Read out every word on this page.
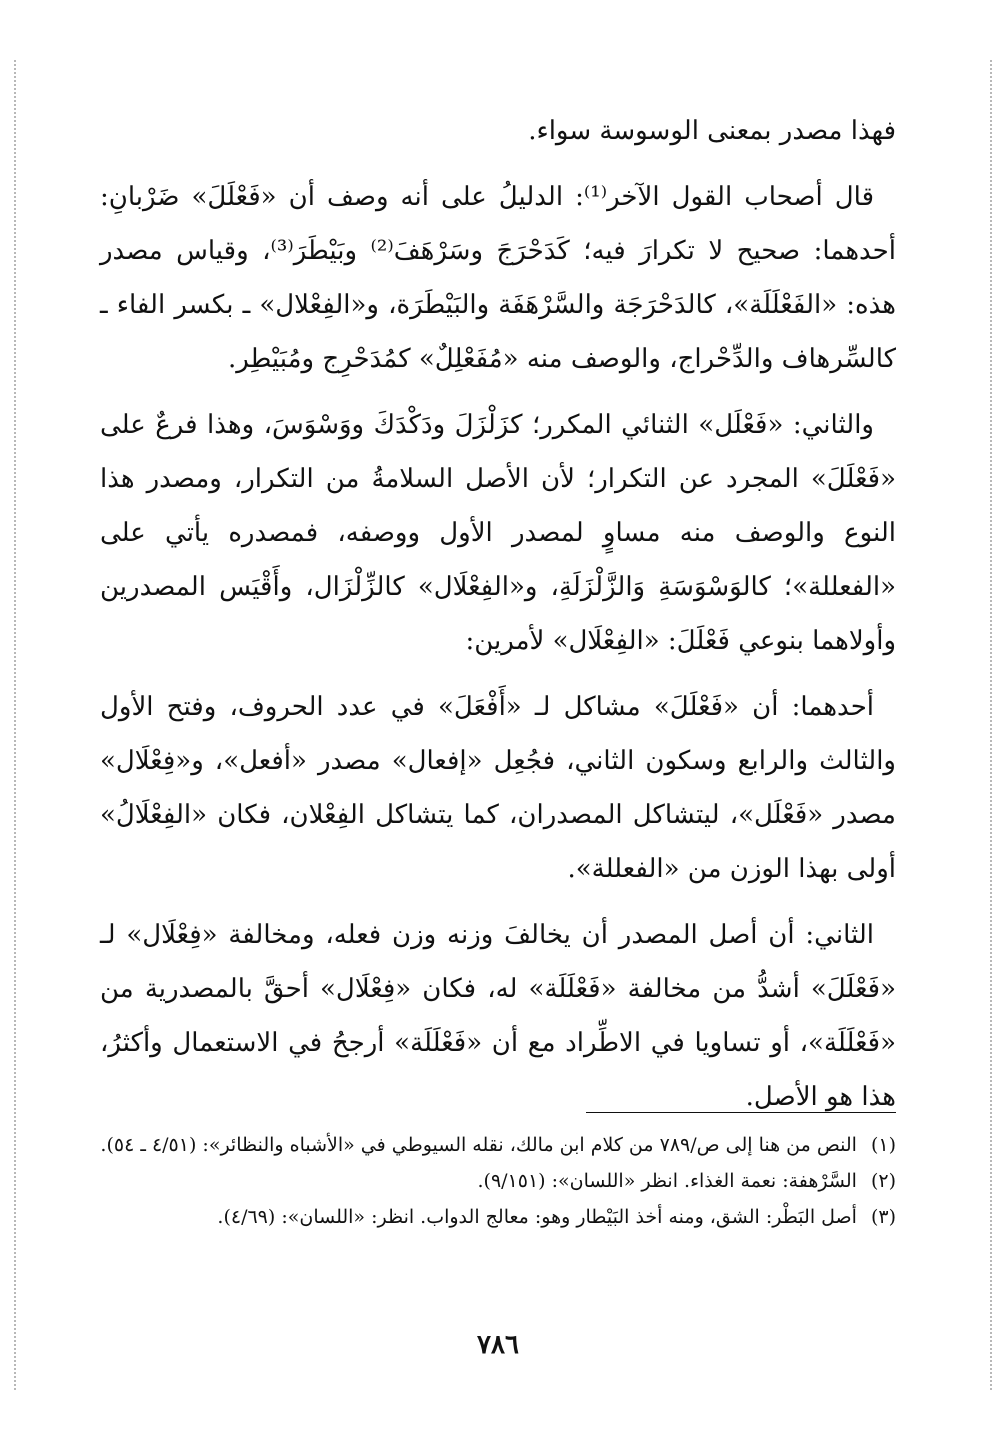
فهذا مصدر بمعنى الوسوسة سواء.

قال أصحاب القول الآخر⁽¹⁾: الدليلُ على أنه وصف أن «فَعْلَلَ» ضَرْبانِ: أحدهما: صحيح لا تكرارَ فيه؛ كَدَحْرَجَ وسَرْهَفَ⁽²⁾ وبَيْطَرَ⁽³⁾، وقياس مصدر هذه: «الفَعْلَلَة»، كالدَحْرَجَة والسَّرْهَفَة والبَيْطَرَة، و«الفِعْلال» ـ بكسر الفاء ـ كالسِّرهاف والدِّحْراج، والوصف منه «مُفَعْلِلٌ» كمُدَحْرِج ومُبَيْطِر.

والثاني: «فَعْلَل» الثنائي المكرر؛ كزَلْزَلَ ودَكْدَكَ ووَسْوَسَ، وهذا فرعٌ على «فَعْلَلَ» المجرد عن التكرار؛ لأن الأصل السلامةُ من التكرار، ومصدر هذا النوع والوصف منه مساوٍ لمصدر الأول ووصفه، فمصدره يأتي على «الفعللة»؛ كالوَسْوَسَةِ وَالزَّلْزَلَةِ، و«الفِعْلَال» كالزِّلْزَال، وأَقْيَس المصدرين وأولاهما بنوعي فَعْلَلَ: «الفِعْلَال» لأمرين:

أحدهما: أن «فَعْلَلَ» مشاكل لـ «أَفْعَلَ» في عدد الحروف، وفتح الأول والثالث والرابع وسكون الثاني، فجُعِل «إفعال» مصدر «أفعل»، و«فِعْلَال» مصدر «فَعْلَل»، ليتشاكل المصدران، كما يتشاكل الفِعْلان، فكان «الفِعْلَالُ» أولى بهذا الوزن من «الفعللة».

الثاني: أن أصل المصدر أن يخالفَ وزنه وزن فعله، ومخالفة «فِعْلَال» لـ «فَعْلَلَ» أشدُّ من مخالفة «فَعْلَلَة» له، فكان «فِعْلَال» أحقَّ بالمصدرية من «فَعْلَلَة»، أو تساويا في الاطِّراد مع أن «فَعْلَلَة» أرجحُ في الاستعمال وأكثرُ، هذا هو الأصل.

(١)
النص من هنا إلى ص/٧٨٩ من كلام ابن مالك، نقله السيوطي في «الأشباه والنظائر»: (٤/٥١ ـ ٥٤).
(٢)
السَّرْهفة: نعمة الغذاء. انظر «اللسان»: (٩/١٥١).
(٣)
أصل البَطْر: الشق، ومنه أخذ البَيْطار وهو: معالج الدواب. انظر: «اللسان»: (٤/٦٩).
٧٨٦
